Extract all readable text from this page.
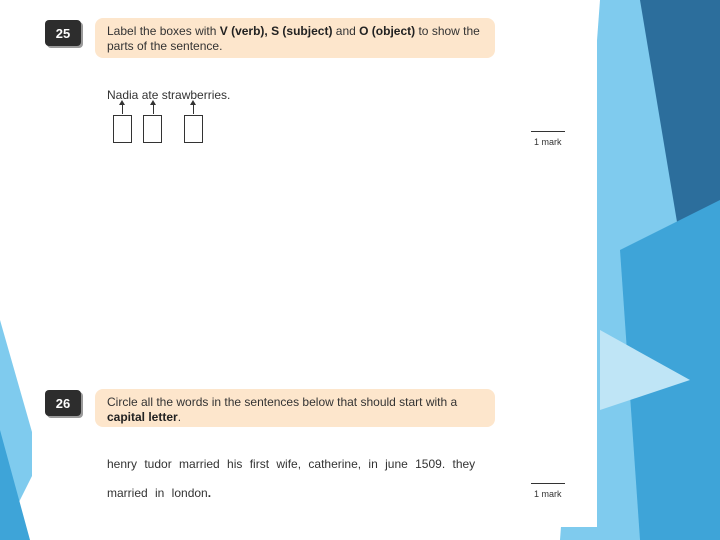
25	Label the boxes with V (verb), S (subject) and O (object) to show the parts of the sentence.
Nadia ate strawberries.
1 mark
26	Circle all the words in the sentences below that should start with a capital letter.
henry tudor married his first wife, catherine, in june 1509. they
married in london.	1 mark
